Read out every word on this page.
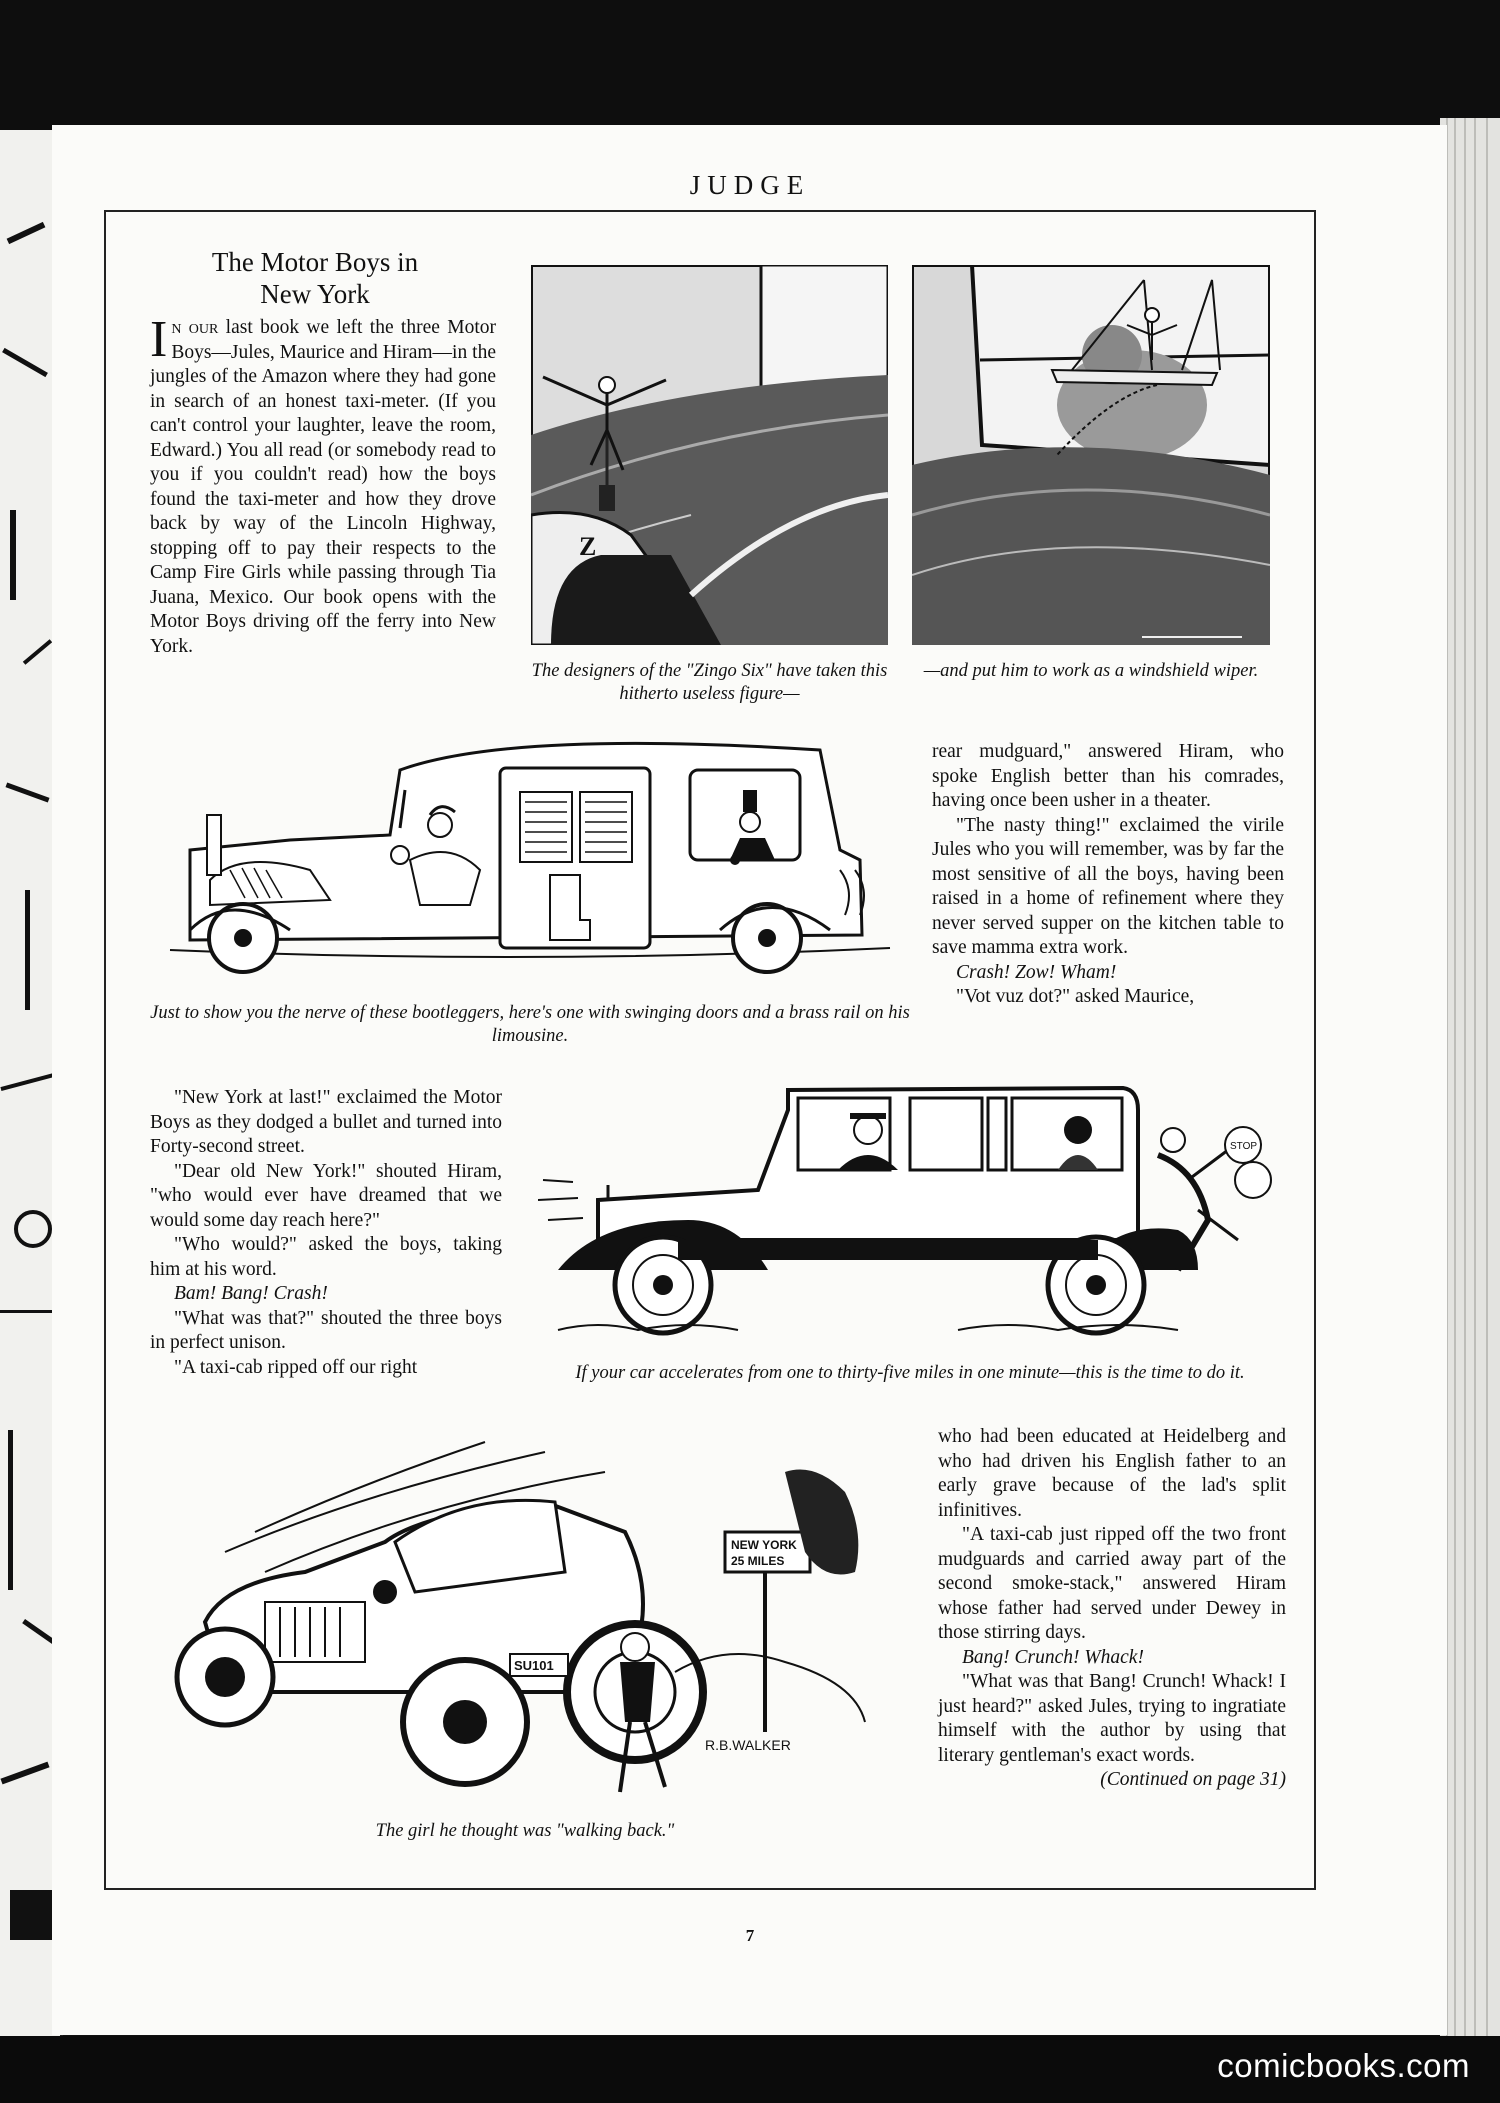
JUDGE
The Motor Boys in
New York

In our last book we left the three Motor Boys—Jules, Maurice and Hiram—in the jungles of the Amazon where they had gone in search of an honest taxi-meter. (If you can't control your laughter, leave the room, Edward.) You all read (or somebody read to you if you couldn't read) how the boys found the taxi-meter and how they drove back by way of the Lincoln Highway, stopping off to pay their respects to the Camp Fire Girls while passing through Tia Juana, Mexico. Our book opens with the Motor Boys driving off the ferry into New York.

Z
The designers of the "Zingo Six" have taken this hitherto useless figure—
—and put him to work as a windshield wiper.
Just to show you the nerve of these bootleggers, here's one with swinging doors and a brass rail on his limousine.

rear mudguard," answered Hiram, who spoke English better than his comrades, having once been usher in a theater.

"The nasty thing!" exclaimed the virile Jules who you will remember, was by far the most sensitive of all the boys, having been raised in a home of refinement where they never served supper on the kitchen table to save mamma extra work.

Crash! Zow! Wham!

"Vot vuz dot?" asked Maurice,

"New York at last!" exclaimed the Motor Boys as they dodged a bullet and turned into Forty-second street.

"Dear old New York!" shouted Hiram, "who would ever have dreamed that we would some day reach here?"

"Who would?" asked the boys, taking him at his word.

Bam! Bang! Crash!

"What was that?" shouted the three boys in perfect unison.

"A taxi-cab ripped off our right

STOP
If your car accelerates from one to thirty-five miles in one minute—this is the time to do it.
SU101
NEW YORK
25 MILES
R.B.WALKER
The girl he thought was "walking back."

who had been educated at Heidelberg and who had driven his English father to an early grave because of the lad's split infinitives.

"A taxi-cab just ripped off the two front mudguards and carried away part of the second smoke-stack," answered Hiram whose father had served under Dewey in those stirring days.

Bang! Crunch! Whack!

"What was that Bang! Crunch! Whack! I just heard?" asked Jules, trying to ingratiate himself with the author by using that literary gentleman's exact words.

(Continued on page 31)

7
comicbooks.com
